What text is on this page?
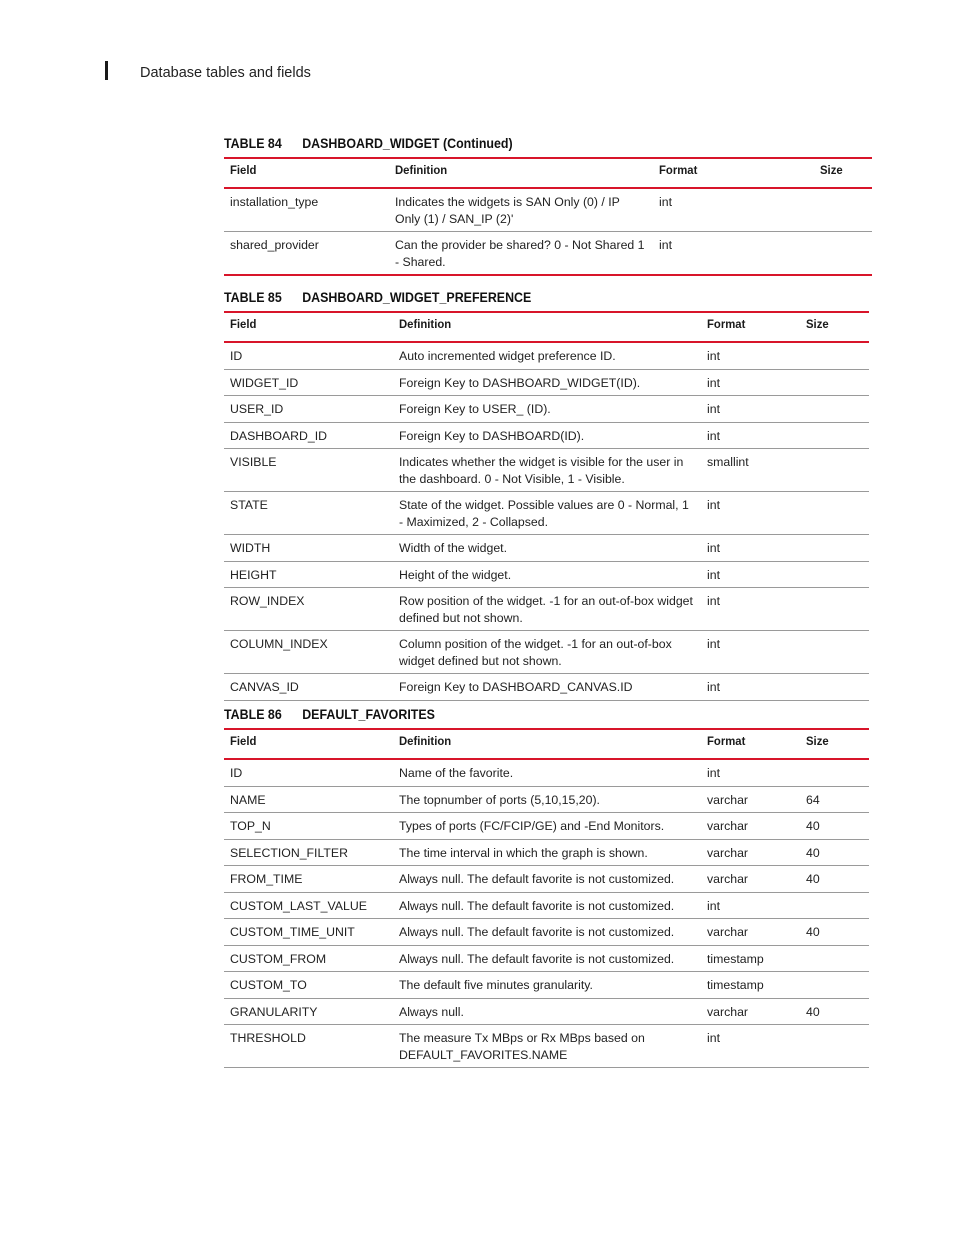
Database tables and fields
TABLE 84 DASHBOARD_WIDGET (Continued)
Field	Definition	Format	Size
installation_type	Indicates the widgets is SAN Only (0) / IP Only (1) / SAN_IP (2)'	int	
shared_provider	Can the provider be shared? 0 - Not Shared 1 - Shared.	int	
TABLE 85 DASHBOARD_WIDGET_PREFERENCE
Field	Definition	Format	Size
ID	Auto incremented widget preference ID.	int	
WIDGET_ID	Foreign Key to DASHBOARD_WIDGET(ID).	int	
USER_ID	Foreign Key to USER_ (ID).	int	
DASHBOARD_ID	Foreign Key to DASHBOARD(ID).	int	
VISIBLE	Indicates whether the widget is visible for the user in the dashboard. 0 - Not Visible, 1 - Visible.	smallint	
STATE	State of the widget. Possible values are 0 - Normal, 1 - Maximized, 2 - Collapsed.	int	
WIDTH	Width of the widget.	int	
HEIGHT	Height of the widget.	int	
ROW_INDEX	Row position of the widget. -1 for an out-of-box widget defined but not shown.	int	
COLUMN_INDEX	Column position of the widget. -1 for an out-of-box widget defined but not shown.	int	
CANVAS_ID	Foreign Key to DASHBOARD_CANVAS.ID	int	
TABLE 86 DEFAULT_FAVORITES
Field	Definition	Format	Size
ID	Name of the favorite.	int	
NAME	The topnumber of ports (5,10,15,20).	varchar	64
TOP_N	Types of ports (FC/FCIP/GE) and -End Monitors.	varchar	40
SELECTION_FILTER	The time interval in which the graph is shown.	varchar	40
FROM_TIME	Always null. The default favorite is not customized.	varchar	40
CUSTOM_LAST_VALUE	Always null. The default favorite is not customized.	int	
CUSTOM_TIME_UNIT	Always null. The default favorite is not customized.	varchar	40
CUSTOM_FROM	Always null. The default favorite is not customized.	timestamp	
CUSTOM_TO	The default five minutes granularity.	timestamp	
GRANULARITY	Always null.	varchar	40
THRESHOLD	The measure Tx MBps or Rx MBps based on DEFAULT_FAVORITES.NAME	int	
